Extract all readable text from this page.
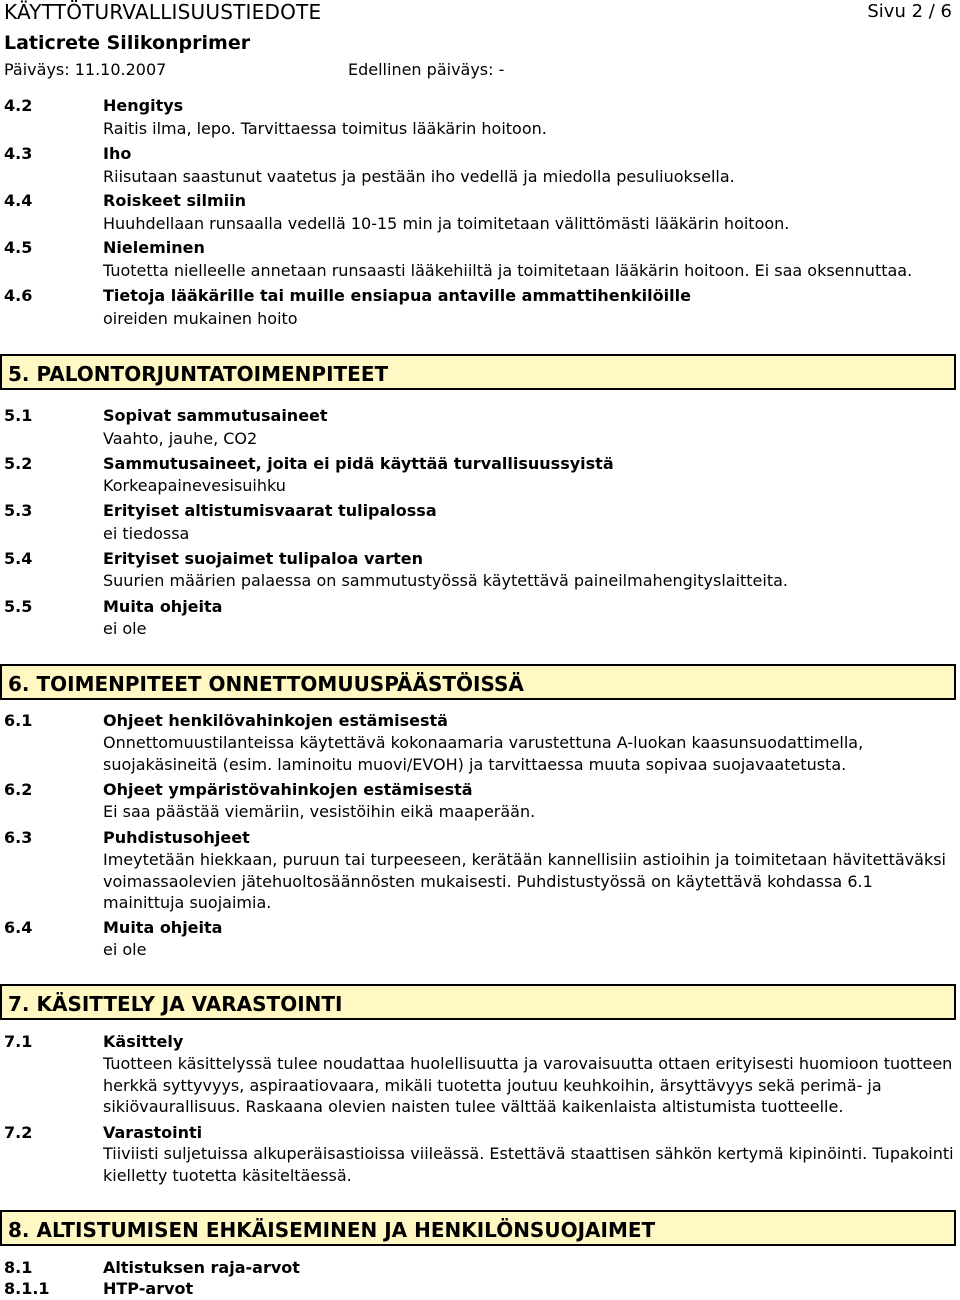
KÄYTTÖTURVALLISUUSTIEDOTE	Sivu 2 / 6
Laticrete Silikonprimer
Päiväys: 11.10.2007	Edellinen päiväys: -
4.2	Hengitys
Raitis ilma, lepo. Tarvittaessa toimitus lääkärin hoitoon.
4.3	Iho
Riisutaan saastunut vaatetus ja pestään iho vedellä ja miedolla pesuliuoksella.
4.4	Roiskeet silmiin
Huuhdellaan runsaalla vedellä 10-15 min ja toimitetaan välittömästi lääkärin hoitoon.
4.5	Nieleminen
Tuotetta nielleelle annetaan runsaasti lääkehiiltä ja toimitetaan lääkärin hoitoon. Ei saa oksennuttaa.
4.6	Tietoja lääkärille tai muille ensiapua antaville ammattihenkilöille
oireiden mukainen hoito
5. PALONTORJUNTATOIMENPITEET
5.1	Sopivat sammutusaineet
Vaahto, jauhe, CO2
5.2	Sammutusaineet, joita ei pidä käyttää turvallisuussyistä
Korkeapainevesisuihku
5.3	Erityiset altistumisvaarat tulipalossa
ei tiedossa
5.4	Erityiset suojaimet tulipaloa varten
Suurien määrien palaessa on sammutustyössä käytettävä paineilmahengityslaitteita.
5.5	Muita ohjeita
ei ole
6. TOIMENPITEET ONNETTOMUUSPÄÄSTÖISSÄ
6.1	Ohjeet henkilövahinkojen estämisestä
Onnettomuustilanteissa käytettävä kokonaamaria varustettuna A-luokan kaasunsuodattimella, suojakäsineitä (esim. laminoitu muovi/EVOH) ja tarvittaessa muuta sopivaa suojavaatetusta.
6.2	Ohjeet ympäristövahinkojen estämisestä
Ei saa päästää viemäriin, vesistöihin eikä maaperään.
6.3	Puhdistusohjeet
Imeytetään hiekkaan, puruun tai turpeeseen, kerätään kannellisiin astioihin ja toimitetaan hävitettäväksi voimassaolevien jätehuoltosäännösten mukaisesti. Puhdistustyössä on käytettävä kohdassa 6.1 mainittuja suojaimia.
6.4	Muita ohjeita
ei ole
7. KÄSITTELY JA VARASTOINTI
7.1	Käsittely
Tuotteen käsittelyssä tulee noudattaa huolellisuutta ja varovaisuutta ottaen erityisesti huomioon tuotteen herkkä syttyvyys, aspiraatiovaara, mikäli tuotetta joutuu keuhkoihin, ärsyttävyys sekä perimä- ja sikiövaurallisuus. Raskaana olevien naisten tulee välttää kaikenlaista altistumista tuotteelle.
7.2	Varastointi
Tiiviisti suljetuissa alkuperäisastioissa viileässä. Estettävä staattisen sähkön kertymä kipinöinti. Tupakointi kielletty tuotetta käsiteltäessä.
8. ALTISTUMISEN EHKÄISEMINEN JA HENKILÖNSUOJAIMET
8.1	Altistuksen raja-arvot
8.1.1	HTP-arvot
